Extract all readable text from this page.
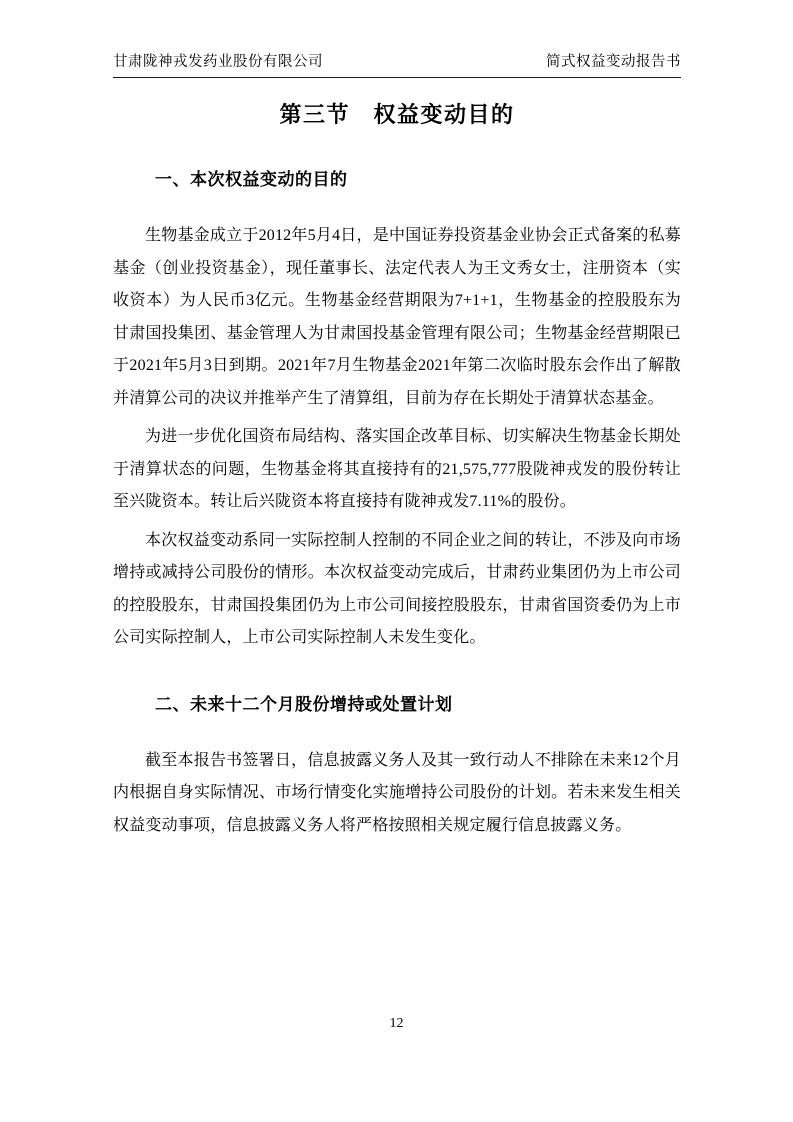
甘肃陇神戎发药业股份有限公司	简式权益变动报告书
第三节　权益变动目的
一、本次权益变动的目的

生物基金成立于2012年5月4日，是中国证券投资基金业协会正式备案的私募基金（创业投资基金），现任董事长、法定代表人为王文秀女士，注册资本（实收资本）为人民币3亿元。生物基金经营期限为7+1+1，生物基金的控股股东为甘肃国投集团、基金管理人为甘肃国投基金管理有限公司；生物基金经营期限已于2021年5月3日到期。2021年7月生物基金2021年第二次临时股东会作出了解散并清算公司的决议并推举产生了清算组，目前为存在长期处于清算状态基金。

为进一步优化国资布局结构、落实国企改革目标、切实解决生物基金长期处于清算状态的问题，生物基金将其直接持有的21,575,777股陇神戎发的股份转让至兴陇资本。转让后兴陇资本将直接持有陇神戎发7.11%的股份。

本次权益变动系同一实际控制人控制的不同企业之间的转让，不涉及向市场增持或减持公司股份的情形。本次权益变动完成后，甘肃药业集团仍为上市公司的控股股东，甘肃国投集团仍为上市公司间接控股股东，甘肃省国资委仍为上市公司实际控制人，上市公司实际控制人未发生变化。

二、未来十二个月股份增持或处置计划

截至本报告书签署日，信息披露义务人及其一致行动人不排除在未来12个月内根据自身实际情况、市场行情变化实施增持公司股份的计划。若未来发生相关权益变动事项，信息披露义务人将严格按照相关规定履行信息披露义务。

12
